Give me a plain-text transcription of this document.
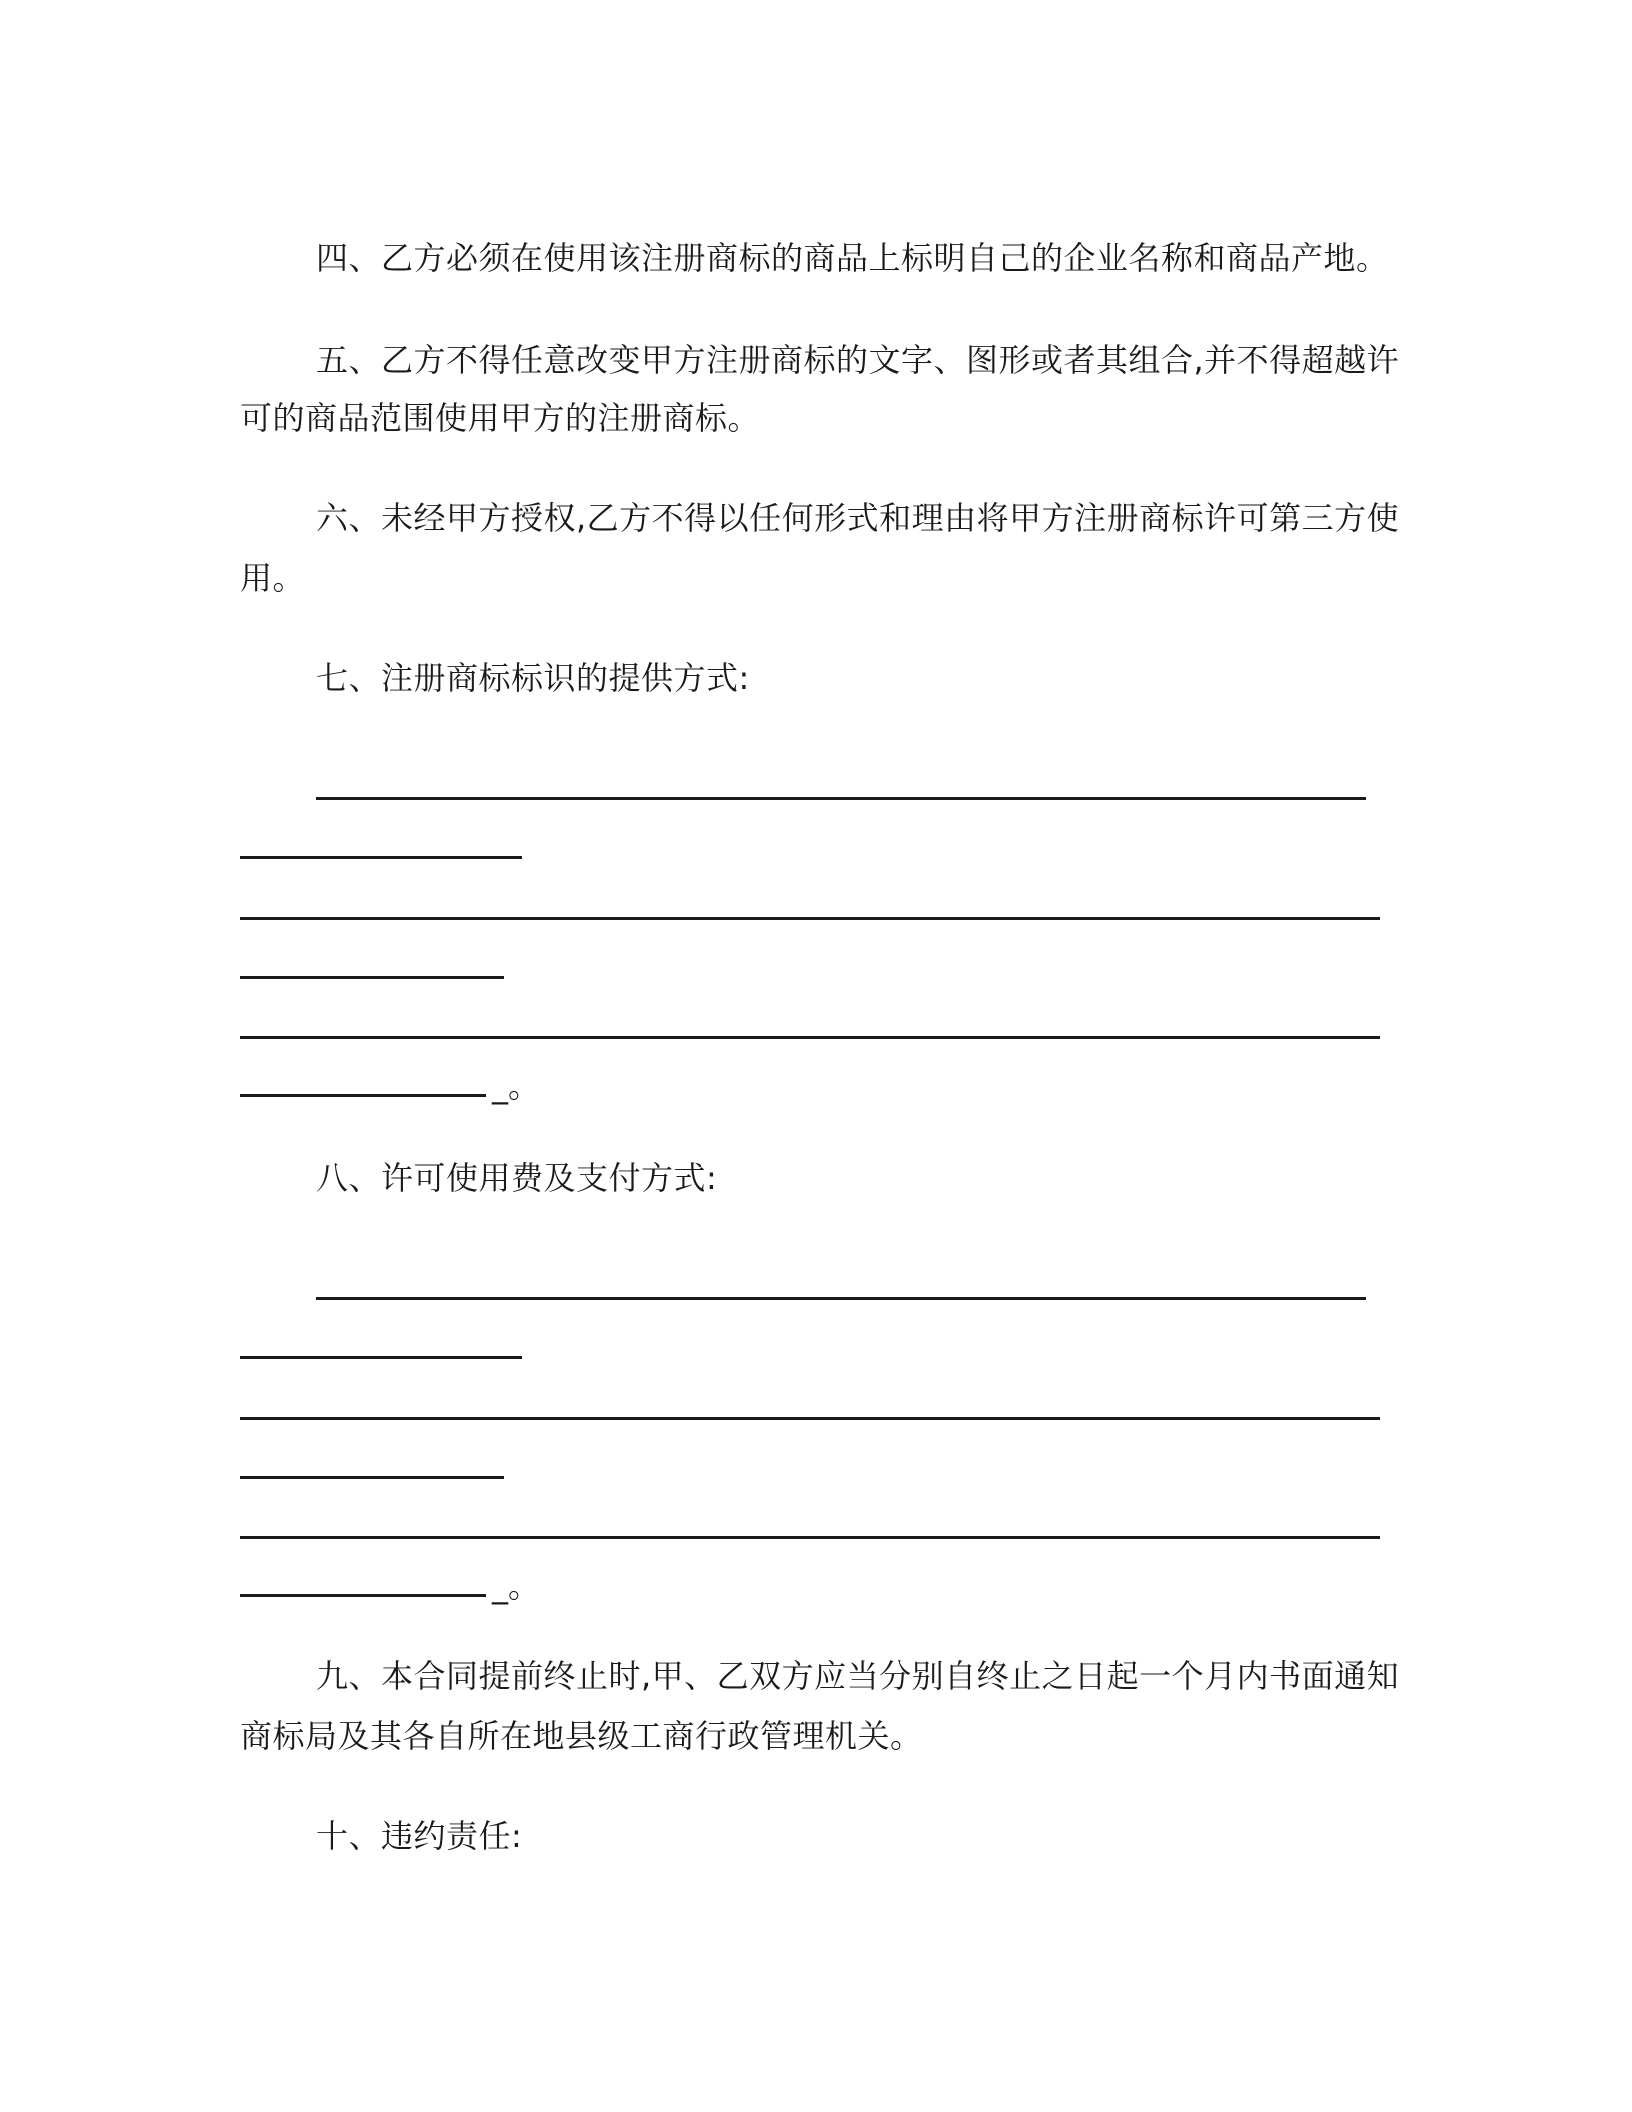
四、乙方必须在使用该注册商标的商品上标明自己的企业名称和商品产地。
五、乙方不得任意改变甲方注册商标的文字、图形或者其组合,并不得超越许
可的商品范围使用甲方的注册商标。
六、未经甲方授权,乙方不得以任何形式和理由将甲方注册商标许可第三方使
用。
七、注册商标标识的提供方式:
_。
八、许可使用费及支付方式:
_。
九、本合同提前终止时,甲、乙双方应当分别自终止之日起一个月内书面通知
商标局及其各自所在地县级工商行政管理机关。
十、违约责任:
